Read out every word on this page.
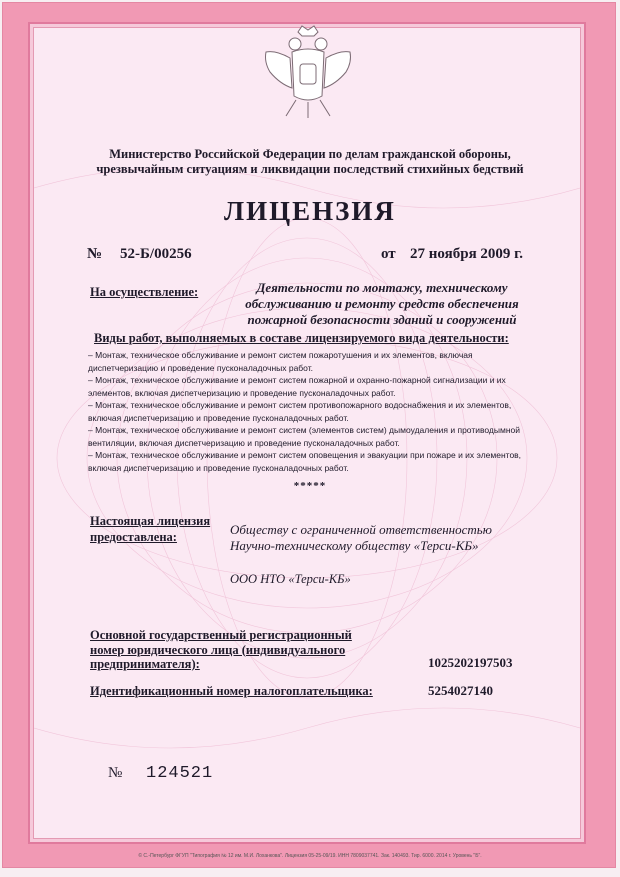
Министерство Российской Федерации по делам гражданской обороны, чрезвычайным ситуациям и ликвидации последствий стихийных бедствий

ЛИЦЕНЗИЯ

№ 52-Б/00256	от 27 ноября 2009 г.

На осуществление:	Деятельности по монтажу, техническому обслуживанию и ремонту средств обеспечения пожарной безопасности зданий и сооружений

Виды работ, выполняемых в составе лицензируемого вида деятельности:

– Монтаж, техническое обслуживание и ремонт систем пожаротушения и их элементов, включая диспетчеризацию и проведение пусконаладочных работ.
– Монтаж, техническое обслуживание и ремонт систем пожарной и охранно-пожарной сигнализации и их элементов, включая диспетчеризацию и проведение пусконаладочных работ.
– Монтаж, техническое обслуживание и ремонт систем противопожарного водоснабжения и их элементов, включая диспетчеризацию и проведение пусконаладочных работ.
– Монтаж, техническое обслуживание и ремонт систем (элементов систем) дымоудаления и противодымной вентиляции, включая диспетчеризацию и проведение пусконаладочных работ.
– Монтаж, техническое обслуживание и ремонт систем оповещения и эвакуации при пожаре и их элементов, включая диспетчеризацию и проведение пусконаладочных работ.

*****

Настоящая лицензия предоставлена:	Обществу с ограниченной ответственностью Научно-техническому обществу «Терси-КБ»

ООО НТО «Терси-КБ»

Основной государственный регистрационный номер юридического лица (индивидуального предпринимателя):	1025202197503

Идентификационный номер налогоплательщика:	5254027140

№ 124521

© С.-Петербург ФГУП "Типография № 12 им. М.И. Лоханкова". Лицензия 05-25-09/19. ИНН 7809037741. Зак. 140493. Тир. 6000. 2014 г. Уровень "Б".
